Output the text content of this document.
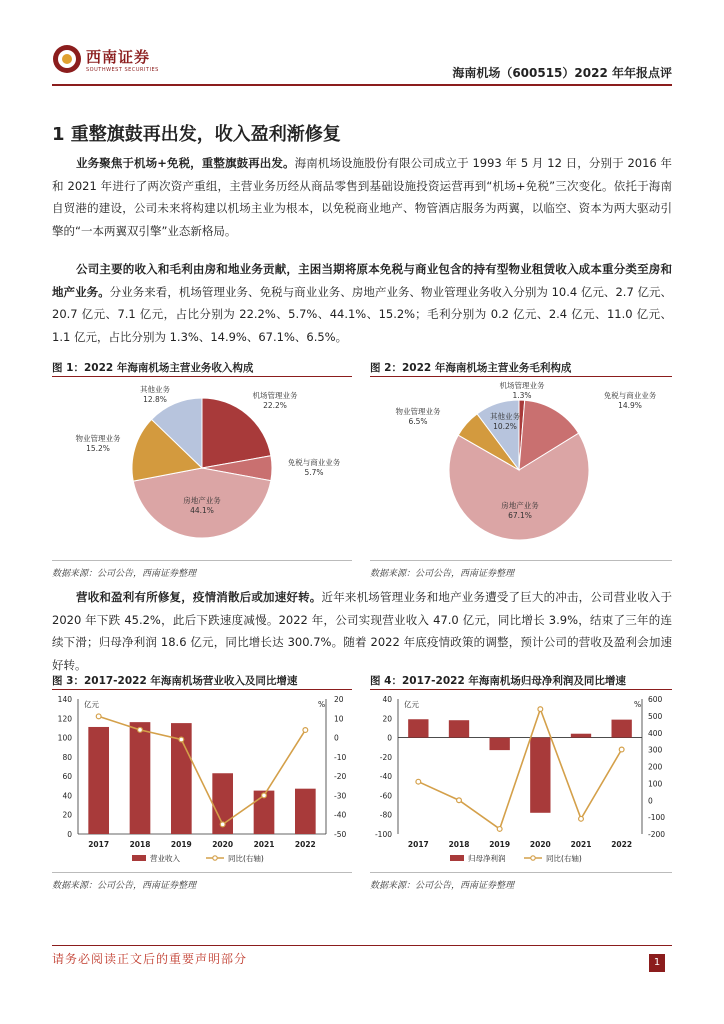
西南证券
SOUTHWEST SECURITIES	海南机场（600515）2022 年年报点评
1 重整旗鼓再出发，收入盈利渐修复
业务聚焦于机场+免税，重整旗鼓再出发。海南机场设施股份有限公司成立于 1993 年 5 月 12 日，分别于 2016 年和 2021 年进行了两次资产重组，主营业务历经从商品零售到基础设施投资运营再到“机场+免税”三次变化。依托于海南自贸港的建设，公司未来将构建以机场主业为根本，以免税商业地产、物管酒店服务为两翼，以临空、资本为两大驱动引擎的“一本两翼双引擎”业态新格局。
公司主要的收入和毛利由房和地业务贡献，主困当期将原本免税与商业包含的持有型物业租赁收入成本重分类至房和地产业务。分业务来看，机场管理业务、免税与商业业务、房地产业务、物业管理业务收入分别为 10.4 亿元、2.7 亿元、20.7 亿元、7.1 亿元，占比分别为 22.2%、5.7%、44.1%、15.2%；毛利分别为 0.2 亿元、2.4 亿元、11.0 亿元、1.1 亿元，占比分别为 1.3%、14.9%、67.1%、6.5%。
图 1：2022 年海南机场主营业务收入构成
机场管理业务
22.2%
免税与商业业务
5.7%
房地产业务
44.1%
物业管理业务
15.2%
其他业务
12.8%
数据来源：公司公告，西南证券整理
图 2：2022 年海南机场主营业务毛利构成
机场管理业务
1.3%	免税与商业业务
14.9%
房地产业务
67.1%
物业管理业务
6.5%
其他业务
10.2%
数据来源：公司公告，西南证券整理
营收和盈利有所修复，疫情消散后或加速好转。近年来机场管理业务和地产业务遭受了巨大的冲击，公司营业收入于 2020 年下跌 45.2%，此后下跌速度减慢。2022 年，公司实现营业收入 47.0 亿元，同比增长 3.9%，结束了三年的连续下滑；归母净利润 18.6 亿元，同比增长达 300.7%。随着 2022 年底疫情政策的调整，预计公司的营收及盈利会加速好转。
图 3：2017-2022 年海南机场营业收入及同比增速
0
20
40
60
80
100
120
140
-50
-40
-30
-20
-10
0
10
20
亿元	%
2017	2018	2019	2020	2021	2022
营业收入	同比(右轴)
数据来源：公司公告，西南证券整理
图 4：2017-2022 年海南机场归母净利润及同比增速
-100
-80
-60
-40
-20
0
20
40
-200
-100
0
100
200
300
400
500
600
亿元	%
2017	2018	2019	2020	2021	2022
归母净利润	同比(右轴)
数据来源：公司公告，西南证券整理
请务必阅读正文后的重要声明部分	1
